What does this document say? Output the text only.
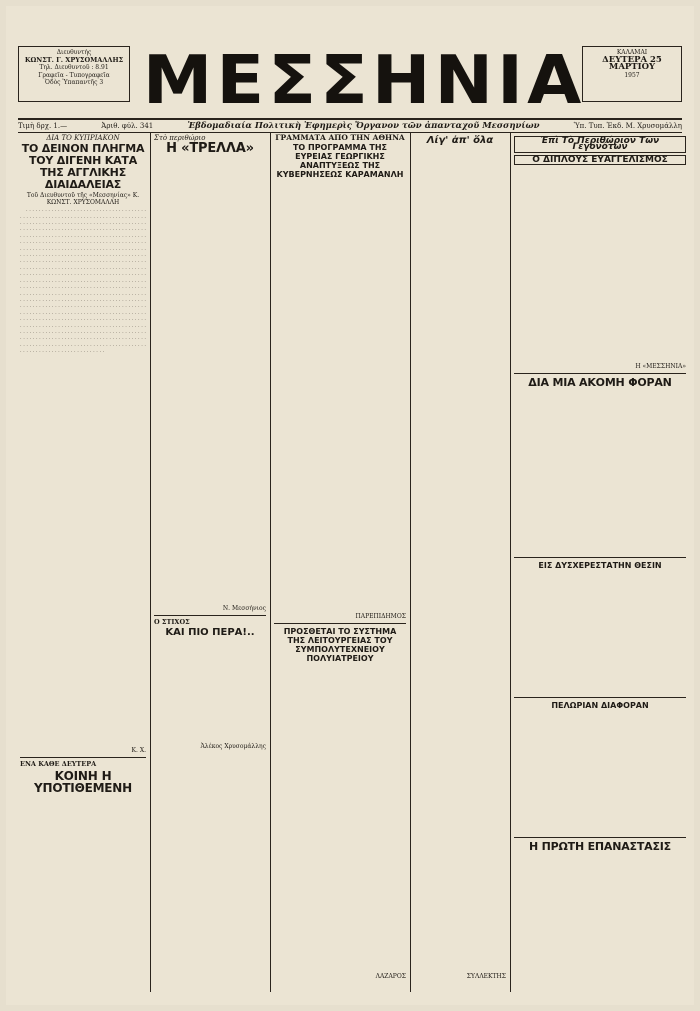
Διευθυντής
ΚΩΝΣΤ. Γ. ΧΡΥΣΟΜΑΛΛΗΣ
Τηλ. Διευθυντοῦ : 8.91
Γραφεῖα - Τυπογραφεῖα
Ὁδὸς Ὑπαπαντῆς 3 ΜΕΣΣΗΝΙΑ	ΚΑΛΑΜΑΙ
ΔΕΥΤΕΡΑ 25 ΜΑΡΤΙΟΥ
1957
Τιμὴ δρχ. 1.—	Ἀριθ. φύλ. 341	Ἑβδομαδιαία Πολιτικὴ Ἐφημερὶς Ὄργανον τῶν ἀπανταχοῦ Μεσσηνίων	Ὑπ. Τυπ. Ἐκδ. Μ. Χρυσομάλλη
ΔΙΑ ΤΟ ΚΥΠΡΙΑΚΟΝ
ΤΟ ΔΕΙΝΟΝ ΠΛΗΓΜΑ ΤΟΥ ΔΙΓΕΝΗ ΚΑΤΑ ΤΗΣ ΑΓΓΛΙΚΗΣ ΔΙΑΙΔΑΛΕΙΑΣ
Τοῦ Διευθυντοῦ τῆς «Μεσσηνίας» Κ. ΚΩΝΣΤ. ΧΡΥΣΟΜΑΛΛΗ

· · · · · · · · · · · · · · · · · · · · · · · · · · · · · · · · · · · · · · · · · · · · · · · · · · · · · · · · · · · · · · · · · · · · · · · · · · · · · · · · · · · · · · · · · · · · · · · · · · · · · · · · · · · · · · · · · · · · · · · · · · · · · · · · · · · · · · · · · · · · · · · · · · · · · · · · · · · · · · · · · · · · · · · · · · · · · · · · · · · · · · · · · · · · · · · · · · · · · · · · · · · · · · · · · · · · · · · · · · · · · · · · · · · · · · · · · · · · · · · · · · · · · · · · · · · · · · · · · · · · · · · · · · · · · · · · · · · · · · · · · · · · · · · · · · · · · · · · · · · · · · · · · · · · · · · · · · · · · · · · · · · · · · · · · · · · · · · · · · · · · · · · · · · · · · · · · · · · · · · · · · · · · · · · · · · · · · · · · · · · · · · · · · · · · · · · · · · · · · · · · · · · · · · · · · · · · · · · · · · · · · · · · · · · · · · · · · · · · · · · · · · · · · · · · · · · · · · · · · · · · · · · · · · · · · · · · · · · · · · · · · · · · · · · · · · · · · · · · · · · · · · · · · · · · · · · · · · · · · · · · · · · · · · · · · · · · · · · · · · · · · · · · · · · · · · · · · · · · · · · · · · · · · · · · · · · · · · · · · · · · · · · · · · · · · · · · · · · · · · · · · · · · · · · · · · · · · · · · · · · · · · · · · · · · · · · · · · · · · · · · · · · · · · · · · · · · · · · · · · · · · · · · · · · · · · · · · · · · · · · · · · · · · · · · · · · · · · · · · · · · · · · · · · · · · · · · · · · · · · · · · · · · · · · · · · · · · · · · · · · · · · · · · · · · · · · · · · · · · · · · · · · · · · · · · · · · · · · · · · · · · · · · · · · · · · · · · · · · · · · · · · · · · · · · · · · · · · · · · · · · · · · · · · · · · · · · · · · · · · · · · · · · · · · · · · · · · · · · · · · · · · · · · · · · · · · · · · · · · · · · · · · · · · · · · · · · · · · · · · · · · · · ·

Κ. Χ.
ΕΝΑ ΚΑΘΕ ΔΕΥΤΕΡΑ
ΚΟΙΝΗ Η ΥΠΟΤΙΘΕΜΕΝΗ
Στὸ περιθώριο
Η «ΤΡΕΛΛΑ»
Ν. Μεσσήνιος
Ο ΣΤΙΧΟΣ
ΚΑΙ ΠΙΟ ΠΕΡΑ!..
Ἀλέκος Χρυσομάλλης
ΓΡΑΜΜΑΤΑ ΑΠΟ ΤΗΝ ΑΘΗΝΑ
ΤΟ ΠΡΟΓΡΑΜΜΑ ΤΗΣ ΕΥΡΕΙΑΣ ΓΕΩΡΓΙΚΗΣ ΑΝΑΠΤΥΞΕΩΣ ΤΗΣ ΚΥΒΕΡΝΗΣΕΩΣ ΚΑΡΑΜΑΝΛΗ
ΠΑΡΕΠΙΔΗΜΟΣ
ΠΡΟΣΘΕΤΑΙ ΤΟ ΣΥΣΤΗΜΑ ΤΗΣ ΛΕΙΤΟΥΡΓΕΙΑΣ ΤΟΥ ΣΥΜΠΟΛΥΤΕΧΝΕΙΟΥ ΠΟΛΥΙΑΤΡΕΙΟΥ
ΛΑΖΑΡΟΣ
Λίγ' ἀπ' ὅλα
ΣΥΛΛΕΚΤΗΣ
Ἐπὶ Τὸ Περιθώριον Τῶν Γεγονότων
Ο ΔΙΠΛΟΥΣ ΕΥΑΓΓΕΛΙΣΜΟΣ
Η «ΜΕΣΣΗΝΙΑ»
ΔΙΑ ΜΙΑ ΑΚΟΜΗ ΦΟΡΑΝ
ΕΙΣ ΔΥΣΧΕΡΕΣΤΑΤΗΝ ΘΕΣΙΝ
ΠΕΛΩΡΙΑΝ ΔΙΑΦΟΡΑΝ
Η ΠΡΩΤΗ ΕΠΑΝΑΣΤΑΣΙΣ
